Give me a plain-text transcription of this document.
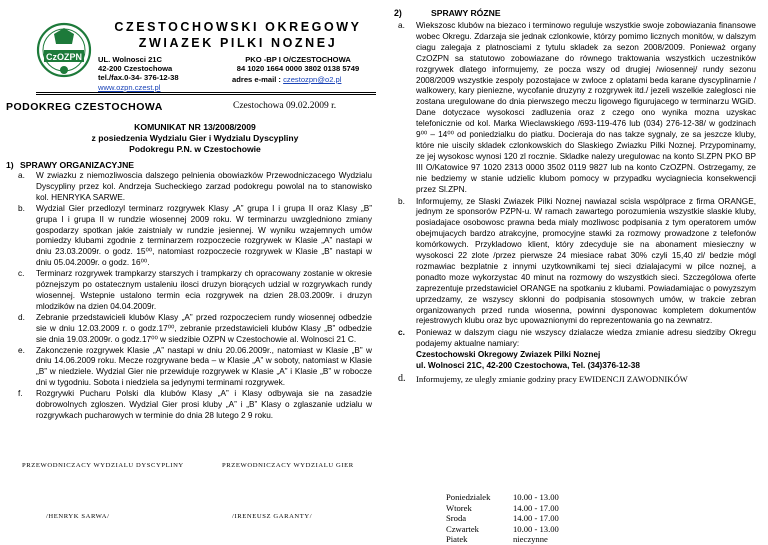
CzOZPN
CZESTOCHOWSKI OKREGOWY
ZWIAZEK PILKI NOZNEJ
UL. Wolnosci 21C
42-200 Czestochowa
tel./fax.0-34- 376-12-38
www.ozpn.czest.pl
PKO -BP I O/CZESTOCHOWA
84 1020 1664 0000 3802 0138 5749
adres e-mail : czestozpn@o2.pl
PODOKREG CZESTOCHOWA	Czestochowa 09.02.2009 r.
KOMUNIKAT NR 13/2008/2009
z posiedzenia Wydzialu Gier i Wydzialu Dyscypliny
Podokregu P.N. w Czestochowie
1) SPRAWY ORGANIZACYJNE
a. W zwiazku z niemozliwoscia dalszego pelnienia obowiazków Przewodniczacego Wydzialu Dyscypliny przez kol. Andrzeja Sucheckiego zarzad podokregu powolal na to stanowisko kol. HENRYKA SARWE.
b. Wydzial Gier przedlozyl terminarz rozgrywek Klasy „A” grupa I i grupa II oraz Klasy „B” grupa I i grupa II w rundzie wiosennej 2009 roku. W terminarzu uwzgledniono zmiany gospodarzy spotkan jakie zaistnialy w rundzie jesiennej. W wyniku wzajemnych umów pomiedzy klubami zgodnie z terminarzem rozpoczecie rozgrywek w Klasie „A” nastapi w dniu 23.03.2009r. o godz. 15⁰⁰, natomiast rozpoczecie rozgrywek w Klasie „B” nastapi w dniu 05.04.2009r. o godz. 16⁰⁰.
c. Terminarz rozgrywek trampkarzy starszych i trampkarzy ch opracowany zostanie w okresie póznejszym po ostatecznym ustaleniu ilosci druzyn biorących udzial w rozgrywkach rundy wiosennej. Wstepnie ustalono termin ecia rozgrywek na dzien 28.03.2009r. i druzyn mlodzików na dzien 04.04.2009r.
d. Zebranie przedstawicieli klubów Klasy „A” przed rozpoczeciem rundy wiosennej odbedzie sie w dniu 12.03.2009 r. o godz.17⁰⁰, zebranie przedstawicieli klubów Klasy „B” odbedzie sie dnia 19.03.2009r. o godz.17⁰⁰ w siedzibie OZPN w Czestochowie al. Wolnosci 21 C.
e. Zakonczenie rozgrywek Klasie „A” nastapi w dniu 20.06.2009r., natomiast w Klasie „B” w dniu 14.06.2009 roku. Mecze rozgrywane beda – w Klasie „A” w soboty, natomiast w Klasie „B” w niedziele. Wydzial Gier nie przewiduje rozgrywek w Klasie „A” i Klasie „B” w robocze dni w tygodniu. Sobota i niedziela sa jedynymi terminami rozgrywek.
f. Rozgrywki Pucharu Polski dla klubów Klasy „A” i Klasy odbywaja sie na zasadzie dobrowolnych zgloszen. Wydzial Gier prosi kluby „A” i „B” Klasy o zglaszanie udzialu w rozgrywkach pucharowych w terminie do dnia 28 lutego 2 9 roku.
PRZEWODNICZACY WYDZIALU DYSCYPLINY	PRZEWODNICZACY WYDZIALU GIER
/HENRYK SARWA/	/IRENEUSZ GARANTY/
2)	SPRAWY RÓZNE
a. Wiekszosc klubów na biezaco i terminowo reguluje wszystkie swoje zobowiazania finansowe wobec Okregu. Zdarzaja sie jednak czlonkowie, którzy pomimo licznych monitów, w dalszym ciagu zalegaja z platnosciami z tytulu skladek za sezon 2008/2009. Ponieważ organy CzOZPN sa statutowo zobowiazane do równego traktowania wszystkich uczestników rozgrywek dlatego informujemy, ze pocza wszy od drugiej /wiosennej/ rundy sezonu 2008/2009 wszystkie zespoly pozostajace w zwloce z oplatami beda karane dyscyplinarnie / walkowery, kary pieniezne, wycofanie druzyny z rozgrywek itd./ jezeli wszelkie zaleglosci nie zostana uregulowane do dnia pierwszego meczu ligowego figurujacego w terminarzu WGiD. Dane dotyczace wysokosci zadluzenia oraz z czego ono wynika mozna uzyskac telefonicznie od kol. Marka Wieclawskiego /693-119-476 lub (034) 276-12-38/ w godzinach 9⁰⁰ – 14⁰⁰ od poniedzialku do piatku. Docieraja do nas takze sygnaly, ze sa jeszcze kluby, które nie uiscily skladek czlonkowskich do Slaskiego Zwiazku Pilki Noznej. Przypominamy, ze jej wysokosc wynosi 120 zl rocznie. Skladke nalezy uregulowac na konto Sl.ZPN PKO BP III O/Katowice 97 1020 2313 0000 3502 0119 9827 lub na konto CzOZPN. Ostrzegamy, ze nie bedziemy w stanie udzielic klubom pomocy w przypadku wyciagniecia konsekwencji przez Sl.ZPN.
b. Informujemy, ze Slaski Zwiazek Pilki Noznej nawiazal scisla wspólprace z firma ORANGE, jednym ze sponsorów PZPN-u. W ramach zawartego porozumienia wszystkie slaskie kluby, posiadajace osobowosc prawna beda mialy mozliwosc podpisania z tym operatorem umów obejmujacych bardzo atrakcyjne, promocyjne stawki za rozmowy prowadzone z telefonów komórkowych. Przykladowo klient, który zdecyduje sie na abonament miesieczny w wysokosci 22 zlote /przez pierwsze 24 miesiace rabat 30% czyli 15,40 zl/ bedzie mógl rozmawiac bezplatnie z innymi uzytkownikami tej sieci dzialajacymi w pilce noznej, a ponadto moze wykorzystac 40 minut na rozmowy do wszystkich sieci. Szczególowa oferte zaprezentuje przedstawiciel ORANGE na spotkaniu z klubami. Powiadamiajac o powyzszym uprzedzamy, ze wszyscy sklonni do podpisania stosownych umów, w trakcie zebran organizowanych przed runda wiosenna, powinni dysponowac kompletem dokumentów rejestrowych klubu oraz byc upowaznionymi do reprezentowania go na zewnatrz.
c. Poniewaz w dalszym ciagu nie wszyscy dzialacze wiedza zmianie adresu siedziby Okregu podajemy aktualne namiary:
Czestochowski Okregowy Zwiazek Pilki Noznej
ul. Wolnosci 21C, 42-200 Czestochowa, Tel. (34)376-12-38
d. Informujemy, ze ulegly zmianie godziny pracy EWIDENCJI ZAWODNIKÓW
Poniedzialek	10.00 - 13.00
Wtorek	14.00 - 17.00
Sroda	14.00 - 17.00
Czwartek	10.00 - 13.00
Piatek	nieczynne
